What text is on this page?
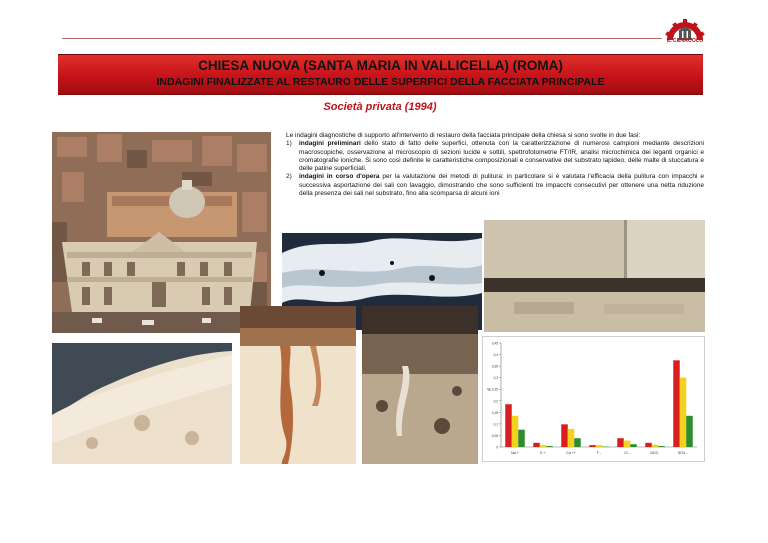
IL CENACOLO
CHIESA NUOVA (SANTA MARIA IN VALLICELLA) (ROMA)
INDAGINI FINALIZZATE AL RESTAURO DELLE SUPERFICI DELLA FACCIATA PRINCIPALE
Società privata (1994)

Le indagini diagnostiche di supporto all'intervento di restauro della facciata principale della chiesa si sono svolte in due fasi:

1)	indagini preliminari dello stato di fatto delle superfici, ottenuta con la caratterizzazione di numerosi campioni mediante descrizioni macroscopiche, osservazione al microscopio di sezioni lucide e sottili, spettrofotometrie FT/IR, analisi microchimica dei leganti organici e cromatografie ioniche. Si sono così definite le caratteristiche composizionali e conservative del substrato lapideo, delle malte di stuccatura e delle patine superficiali.
2)	indagini in corso d'opera per la valutazione dei metodi di pulitura: in particolare si è valutata l'efficacia della pulitura con impacchi e successiva asportazione dei sali con lavaggio, dimostrando che sono sufficienti tre impacchi consecutivi per ottenere una netta riduzione della presenza dei sali nel substrato, fino alla scomparsa di alcuni ioni
0
0,05
0,1
0,15
0,2
0,25
0,3
0,35
0,4
0,45
%
Na +	K +	Ca ++	F -	Cl -	NO3 -	SO4 --
